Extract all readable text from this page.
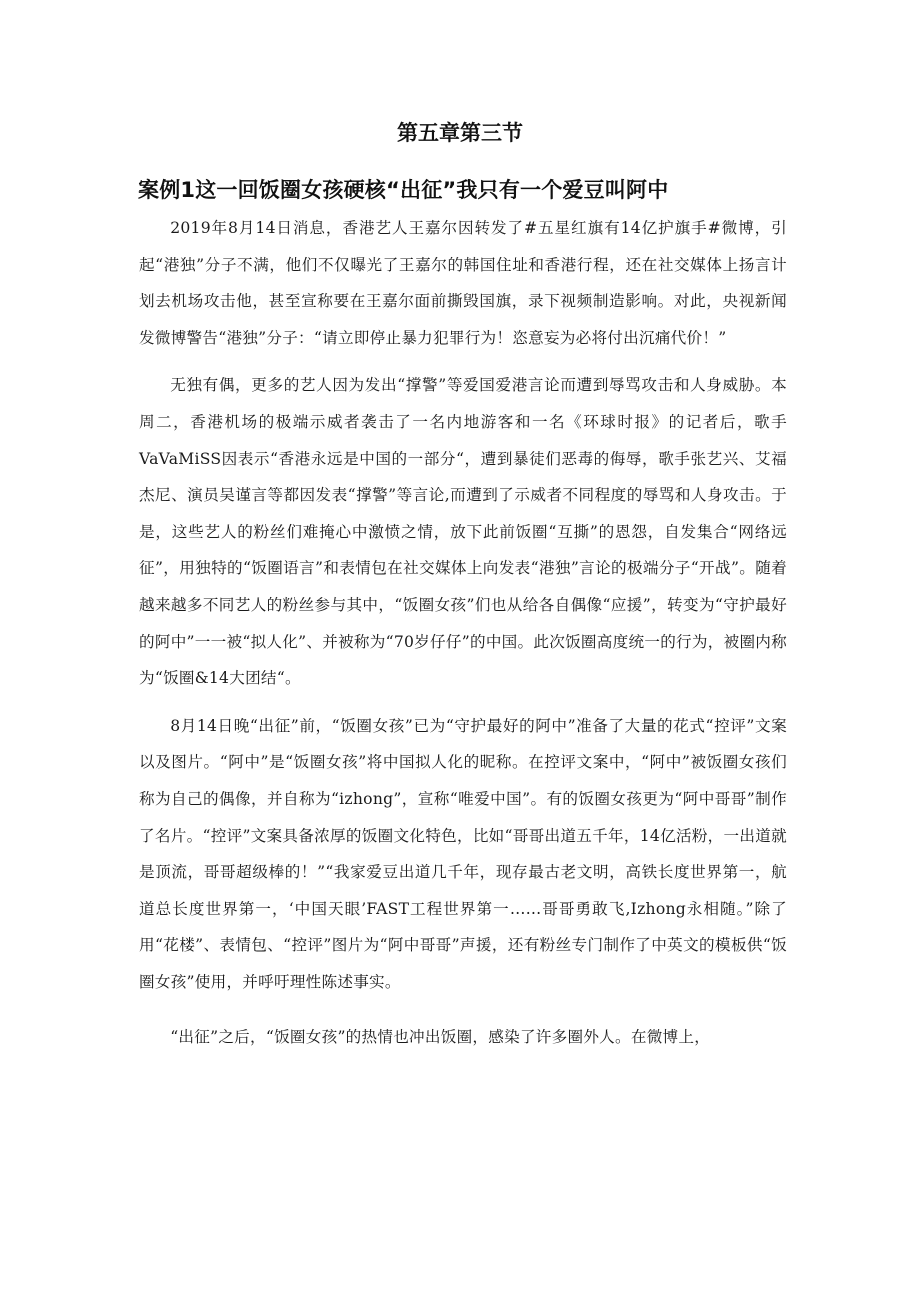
第五章第三节
案例1这一回饭圈女孩硬核“出征”我只有一个爱豆叫阿中

2019年8月14日消息，香港艺人王嘉尔因转发了#五星红旗有14亿护旗手#微博，引起“港独”分子不满，他们不仅曝光了王嘉尔的韩国住址和香港行程，还在社交媒体上扬言计划去机场攻击他，甚至宣称要在王嘉尔面前撕毁国旗，录下视频制造影响。对此，央视新闻发微博警告“港独”分子：“请立即停止暴力犯罪行为！恣意妄为必将付出沉痛代价！”

无独有偶，更多的艺人因为发出“撑警”等爱国爱港言论而遭到辱骂攻击和人身威胁。本周二，香港机场的极端示威者袭击了一名内地游客和一名《环球时报》的记者后，歌手VaVaMiSS因表示“香港永远是中国的一部分“，遭到暴徒们恶毒的侮辱，歌手张艺兴、艾福杰尼、演员吴谨言等都因发表“撑警”等言论,而遭到了示威者不同程度的辱骂和人身攻击。于是，这些艺人的粉丝们难掩心中激愤之情，放下此前饭圈“互撕”的恩怨，自发集合“网络远征”，用独特的“饭圈语言”和表情包在社交媒体上向发表“港独”言论的极端分子“开战”。随着越来越多不同艺人的粉丝参与其中，“饭圈女孩”们也从给各自偶像“应援”，转变为“守护最好的阿中”一一被“拟人化”、并被称为“70岁仔仔”的中国。此次饭圈高度统一的行为，被圈内称为“饭圈&14大团结“。

8月14日晚“出征”前，“饭圈女孩”已为“守护最好的阿中”准备了大量的花式“控评”文案以及图片。“阿中”是“饭圈女孩”将中国拟人化的昵称。在控评文案中，“阿中”被饭圈女孩们称为自己的偶像，并自称为“izhong”，宣称“唯爱中国”。有的饭圈女孩更为“阿中哥哥”制作了名片。“控评”文案具备浓厚的饭圈文化特色，比如“哥哥出道五千年，14亿活粉，一出道就是顶流，哥哥超级棒的！”“我家爱豆出道几千年，现存最古老文明，高铁长度世界第一，航道总长度世界第一，‘中国天眼’FAST工程世界第一……哥哥勇敢飞,Izhong永相随。”除了用“花楼”、表情包、“控评”图片为“阿中哥哥”声援，还有粉丝专门制作了中英文的模板供“饭圈女孩”使用，并呼吁理性陈述事实。

“出征”之后，“饭圈女孩”的热情也冲出饭圈，感染了许多圈外人。在微博上，
